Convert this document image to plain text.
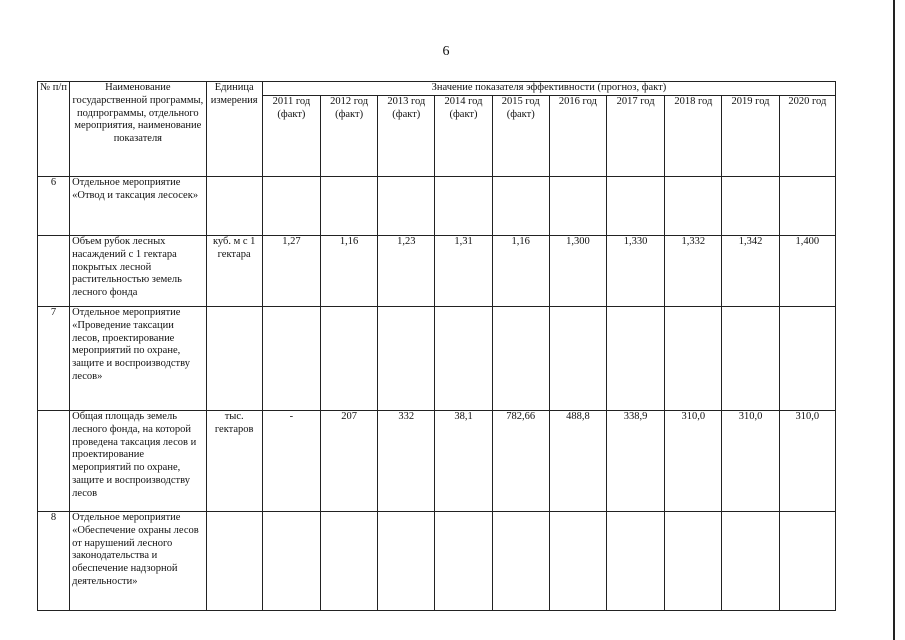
6
№ п/п	Наименование государственной программы, подпрограммы, отдельного мероприятия, наименование показателя	Единица измерения	Значение показателя эффективности (прогноз, факт)									
			2011 год (факт)	2012 год (факт)	2013 год (факт)	2014 год (факт)	2015 год (факт)	2016 год	2017 год	2018 год	2019 год	2020 год
6	Отдельное мероприятие «Отвод и таксация лесосек»											
	Объем рубок лесных насаждений с 1 гектара покрытых лесной растительностью земель лесного фонда	куб. м с 1 гектара	1,27	1,16	1,23	1,31	1,16	1,300	1,330	1,332	1,342	1,400
7	Отдельное мероприятие «Проведение таксации лесов, проектирование мероприятий по охране, защите и воспроизводству лесов»											
	Общая площадь земель лесного фонда, на которой проведена таксация лесов и проектирование мероприятий по охране, защите и воспроизводству лесов	тыс. гектаров	-	207	332	38,1	782,66	488,8	338,9	310,0	310,0	310,0
8	Отдельное мероприятие «Обеспечение охраны лесов от нарушений лесного законодательства и обеспечение надзорной деятельности»											
